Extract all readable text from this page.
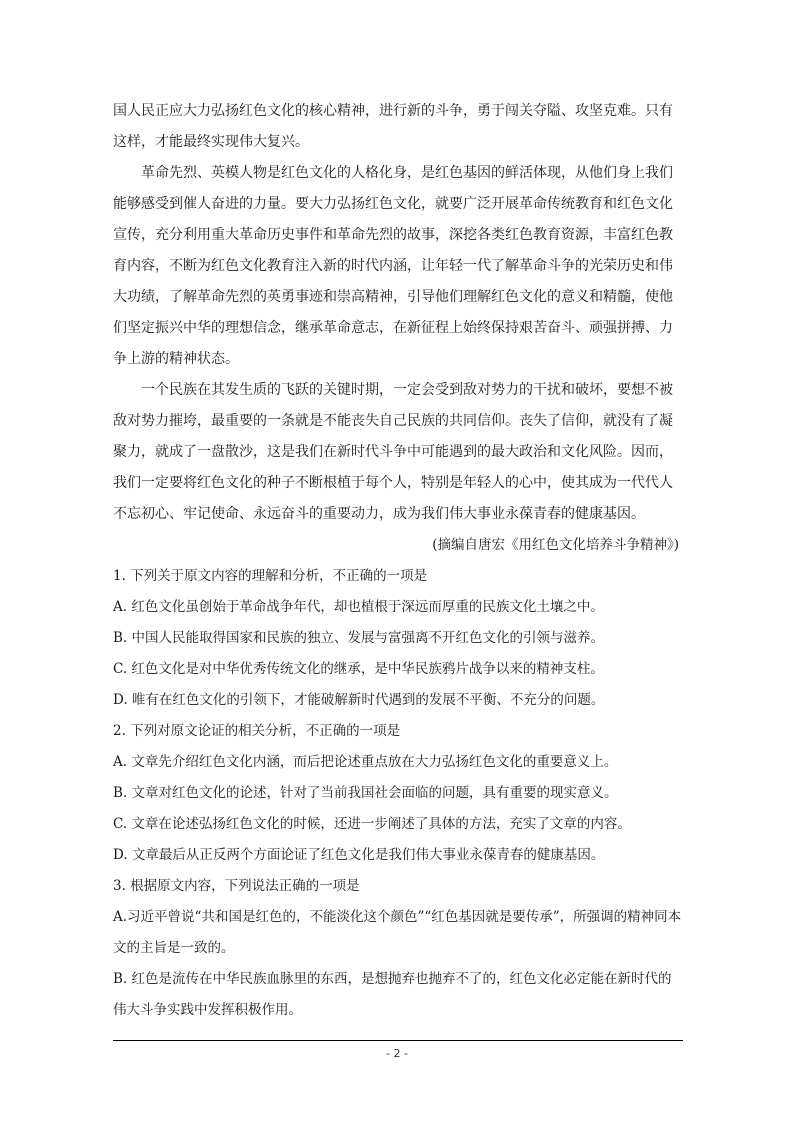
国人民正应大力弘扬红色文化的核心精神，进行新的斗争，勇于闯关夺隘、攻坚克难。只有这样，才能最终实现伟大复兴。

革命先烈、英模人物是红色文化的人格化身，是红色基因的鲜活体现，从他们身上我们能够感受到催人奋进的力量。要大力弘扬红色文化，就要广泛开展革命传统教育和红色文化宣传，充分利用重大革命历史事件和革命先烈的故事，深挖各类红色教育资源，丰富红色教育内容，不断为红色文化教育注入新的时代内涵，让年轻一代了解革命斗争的光荣历史和伟大功绩，了解革命先烈的英勇事迹和崇高精神，引导他们理解红色文化的意义和精髓，使他们坚定振兴中华的理想信念，继承革命意志，在新征程上始终保持艰苦奋斗、顽强拼搏、力争上游的精神状态。

一个民族在其发生质的飞跃的关键时期，一定会受到敌对势力的干扰和破坏，要想不被敌对势力摧垮，最重要的一条就是不能丧失自己民族的共同信仰。丧失了信仰，就没有了凝聚力，就成了一盘散沙，这是我们在新时代斗争中可能遇到的最大政治和文化风险。因而，我们一定要将红色文化的种子不断根植于每个人，特别是年轻人的心中，使其成为一代代人不忘初心、牢记使命、永远奋斗的重要动力，成为我们伟大事业永葆青春的健康基因。

(摘编自唐宏《用红色文化培养斗争精神》)

1. 下列关于原文内容的理解和分析，不正确的一项是

A. 红色文化虽创始于革命战争年代，却也植根于深远而厚重的民族文化土壤之中。

B. 中国人民能取得国家和民族的独立、发展与富强离不开红色文化的引领与滋养。

C. 红色文化是对中华优秀传统文化的继承，是中华民族鸦片战争以来的精神支柱。

D. 唯有在红色文化的引领下，才能破解新时代遇到的发展不平衡、不充分的问题。

2. 下列对原文论证的相关分析，不正确的一项是

A. 文章先介绍红色文化内涵，而后把论述重点放在大力弘扬红色文化的重要意义上。

B. 文章对红色文化的论述，针对了当前我国社会面临的问题，具有重要的现实意义。

C. 文章在论述弘扬红色文化的时候，还进一步阐述了具体的方法，充实了文章的内容。

D. 文章最后从正反两个方面论证了红色文化是我们伟大事业永葆青春的健康基因。

3. 根据原文内容，下列说法正确的一项是

A.习近平曾说“共和国是红色的，不能淡化这个颜色”“红色基因就是要传承”，所强调的精神同本文的主旨是一致的。

B. 红色是流传在中华民族血脉里的东西，是想抛弃也抛弃不了的，红色文化必定能在新时代的伟大斗争实践中发挥积极作用。

- 2 -
